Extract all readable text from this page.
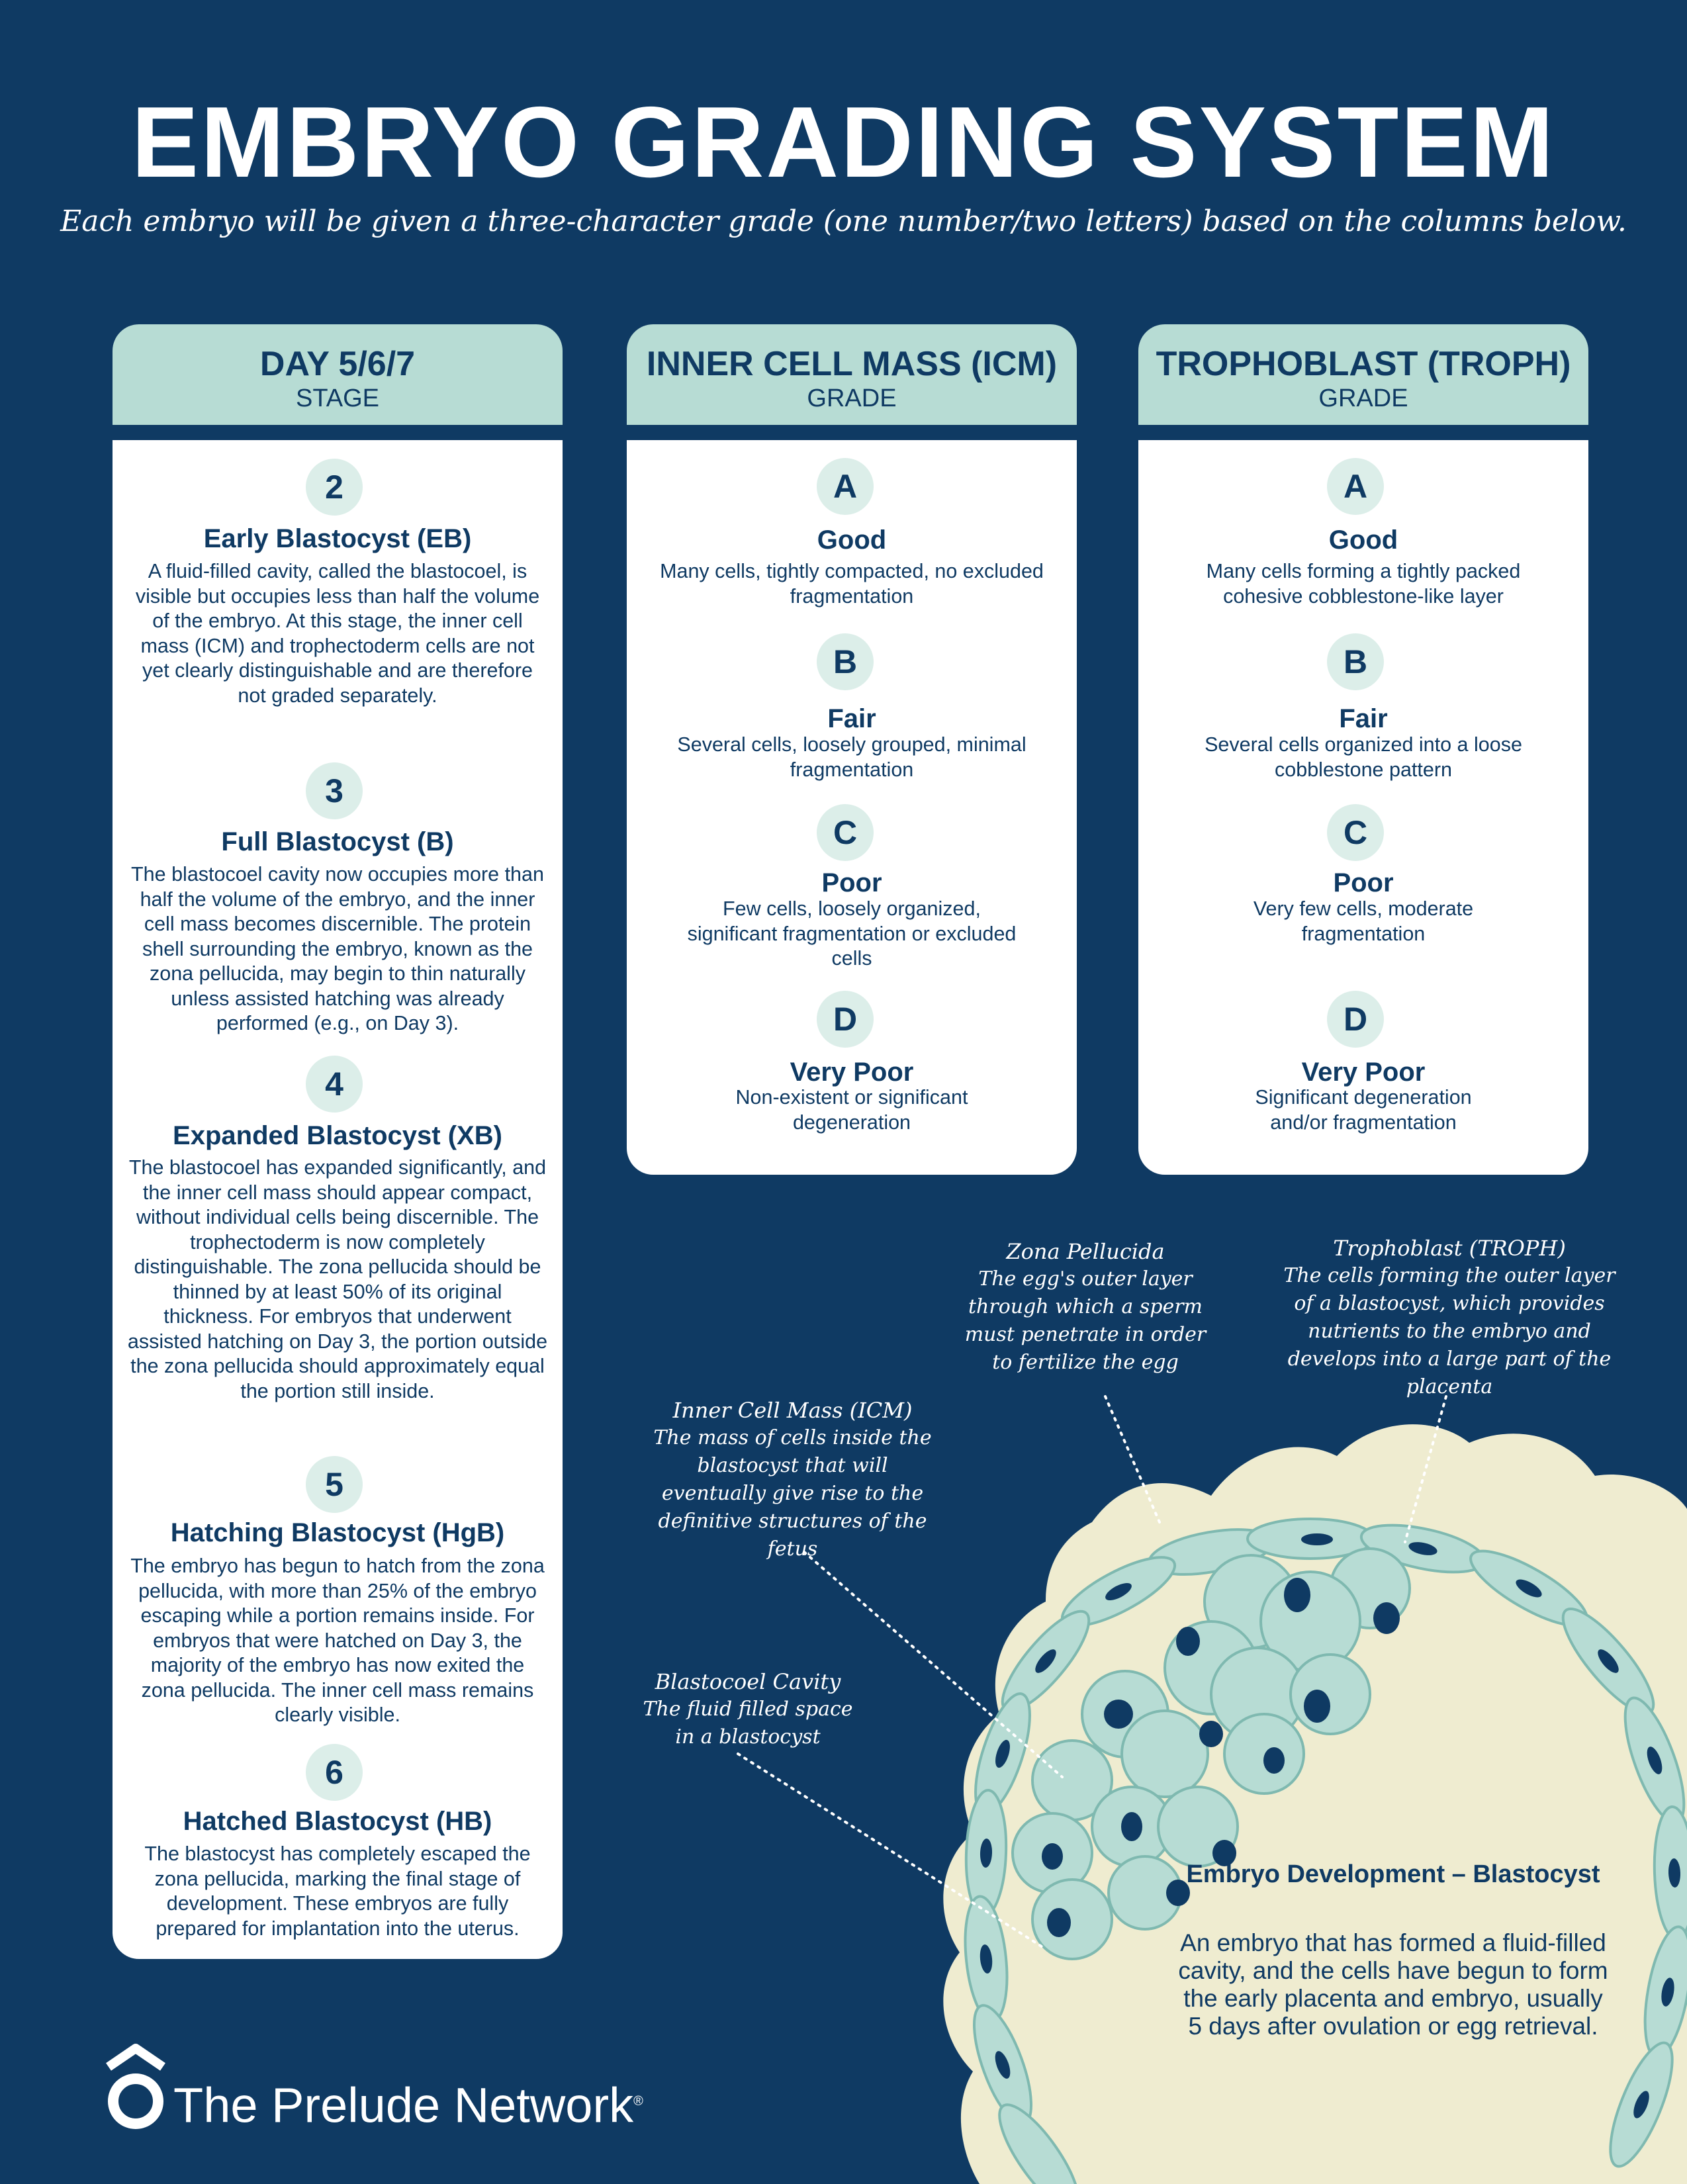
EMBRYO GRADING SYSTEM
Each embryo will be given a three-character grade (one number/two letters) based on the columns below.
DAY 5/6/7
STAGE
2
Early Blastocyst (EB)
A fluid-filled cavity, called the blastocoel, is visible but occupies less than half the volume of the embryo. At this stage, the inner cell mass (ICM) and trophectoderm cells are not yet clearly distinguishable and are therefore not graded separately.
3
Full Blastocyst (B)
The blastocoel cavity now occupies more than half the volume of the embryo, and the inner cell mass becomes discernible. The protein shell surrounding the embryo, known as the zona pellucida, may begin to thin naturally unless assisted hatching was already performed (e.g., on Day 3).
4
Expanded Blastocyst (XB)
The blastocoel has expanded significantly, and the inner cell mass should appear compact, without individual cells being discernible. The trophectoderm is now completely distinguishable. The zona pellucida should be thinned by at least 50% of its original thickness. For embryos that underwent assisted hatching on Day 3, the portion outside the zona pellucida should approximately equal the portion still inside.
5
Hatching Blastocyst (HgB)
The embryo has begun to hatch from the zona pellucida, with more than 25% of the embryo escaping while a portion remains inside. For embryos that were hatched on Day 3, the majority of the embryo has now exited the zona pellucida. The inner cell mass remains clearly visible.
6
Hatched Blastocyst (HB)
The blastocyst has completely escaped the zona pellucida, marking the final stage of development. These embryos are fully prepared for implantation into the uterus.
INNER CELL MASS (ICM)
GRADE
A
Good
Many cells, tightly compacted, no excluded fragmentation
B
Fair
Several cells, loosely grouped, minimal fragmentation
C
Poor
Few cells, loosely organized, significant fragmentation or excluded cells
D
Very Poor
Non-existent or significant degeneration
TROPHOBLAST (TROPH)
GRADE
A
Good
Many cells forming a tightly packed cohesive cobblestone-like layer
B
Fair
Several cells organized into a loose cobblestone pattern
C
Poor
Very few cells, moderate fragmentation
D
Very Poor
Significant degeneration and/or fragmentation
Zona Pellucida
The egg's outer layer through which a sperm must penetrate in order to fertilize the egg
Trophoblast (TROPH)
The cells forming the outer layer of a blastocyst, which provides nutrients to the embryo and develops into a large part of the placenta
Inner Cell Mass (ICM)
The mass of cells inside the blastocyst that will eventually give rise to the definitive structures of the fetus
Blastocoel Cavity
The fluid filled space in a blastocyst
Embryo Development – Blastocyst
An embryo that has formed a fluid-filled cavity, and the cells have begun to form the early placenta and embryo, usually 5 days after ovulation or egg retrieval.
The Prelude Network®
